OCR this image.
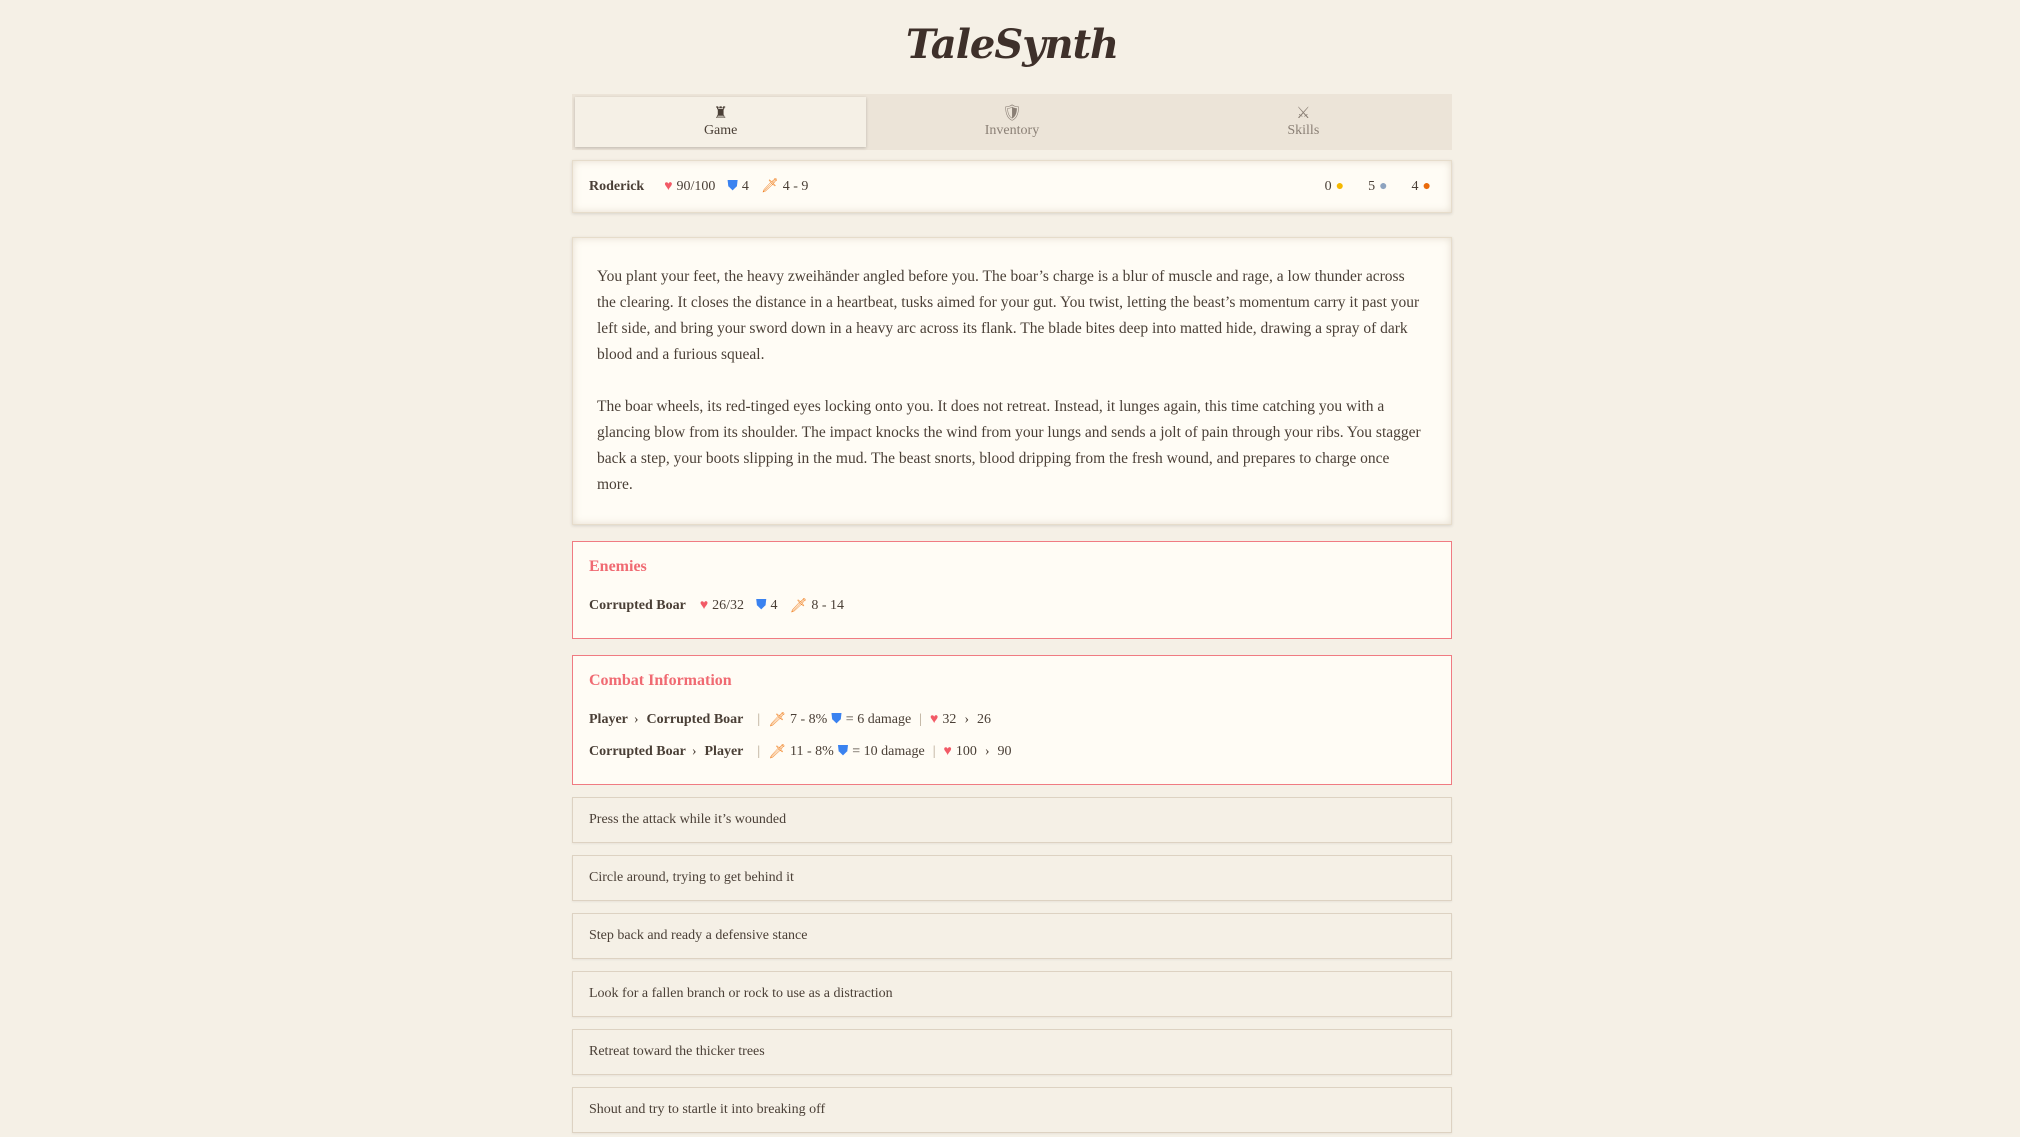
TaleSynth
♜
Game
🛡
Inventory
⚔
Skills
Roderick ♥ 90/100 ⛊ 4 🗡 4 - 9	0 ● 5 ● 4 ●

You plant your feet, the heavy zweihänder angled before you. The boar’s charge is a blur of muscle and rage, a low thunder across the clearing. It closes the distance in a heartbeat, tusks aimed for your gut. You twist, letting the beast’s momentum carry it past your left side, and bring your sword down in a heavy arc across its flank. The blade bites deep into matted hide, drawing a spray of dark blood and a furious squeal.

The boar wheels, its red-tinged eyes locking onto you. It does not retreat. Instead, it lunges again, this time catching you with a glancing blow from its shoulder. The impact knocks the wind from your lungs and sends a jolt of pain through your ribs. You stagger back a step, your boots slipping in the mud. The beast snorts, blood dripping from the fresh wound, and prepares to charge once more.

Enemies
Corrupted Boar ♥ 26/32 ⛊ 4 🗡 8 - 14
Combat Information
Player › Corrupted Boar | 🗡 7 - 8% ⛊ = 6 damage | ♥ 32 › 26
Corrupted Boar › Player | 🗡 11 - 8% ⛊ = 10 damage | ♥ 100 › 90
Press the attack while it’s wounded
Circle around, trying to get behind it
Step back and ready a defensive stance
Look for a fallen branch or rock to use as a distraction
Retreat toward the thicker trees
Shout and try to startle it into breaking off
